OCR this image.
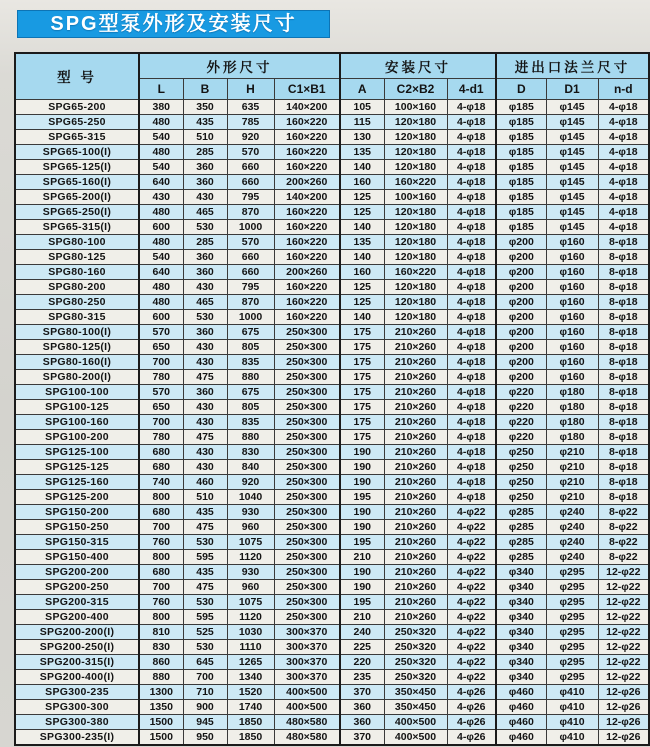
SPG型泵外形及安装尺寸
型 号	外形尺寸				安装尺寸			进出口法兰尺寸		
	L	B	H	C1×B1	A	C2×B2	4-d1	D	D1	n-d
SPG65-200	380	350	635	140×200	105	100×160	4-φ18	φ185	φ145	4-φ18
SPG65-250	480	435	785	160×220	115	120×180	4-φ18	φ185	φ145	4-φ18
SPG65-315	540	510	920	160×220	130	120×180	4-φ18	φ185	φ145	4-φ18
SPG65-100(I)	480	285	570	160×220	135	120×180	4-φ18	φ185	φ145	4-φ18
SPG65-125(I)	540	360	660	160×220	140	120×180	4-φ18	φ185	φ145	4-φ18
SPG65-160(I)	640	360	660	200×260	160	160×220	4-φ18	φ185	φ145	4-φ18
SPG65-200(I)	430	430	795	140×200	125	100×160	4-φ18	φ185	φ145	4-φ18
SPG65-250(I)	480	465	870	160×220	125	120×180	4-φ18	φ185	φ145	4-φ18
SPG65-315(I)	600	530	1000	160×220	140	120×180	4-φ18	φ185	φ145	4-φ18
SPG80-100	480	285	570	160×220	135	120×180	4-φ18	φ200	φ160	8-φ18
SPG80-125	540	360	660	160×220	140	120×180	4-φ18	φ200	φ160	8-φ18
SPG80-160	640	360	660	200×260	160	160×220	4-φ18	φ200	φ160	8-φ18
SPG80-200	480	430	795	160×220	125	120×180	4-φ18	φ200	φ160	8-φ18
SPG80-250	480	465	870	160×220	125	120×180	4-φ18	φ200	φ160	8-φ18
SPG80-315	600	530	1000	160×220	140	120×180	4-φ18	φ200	φ160	8-φ18
SPG80-100(I)	570	360	675	250×300	175	210×260	4-φ18	φ200	φ160	8-φ18
SPG80-125(I)	650	430	805	250×300	175	210×260	4-φ18	φ200	φ160	8-φ18
SPG80-160(I)	700	430	835	250×300	175	210×260	4-φ18	φ200	φ160	8-φ18
SPG80-200(I)	780	475	880	250×300	175	210×260	4-φ18	φ200	φ160	8-φ18
SPG100-100	570	360	675	250×300	175	210×260	4-φ18	φ220	φ180	8-φ18
SPG100-125	650	430	805	250×300	175	210×260	4-φ18	φ220	φ180	8-φ18
SPG100-160	700	430	835	250×300	175	210×260	4-φ18	φ220	φ180	8-φ18
SPG100-200	780	475	880	250×300	175	210×260	4-φ18	φ220	φ180	8-φ18
SPG125-100	680	430	830	250×300	190	210×260	4-φ18	φ250	φ210	8-φ18
SPG125-125	680	430	840	250×300	190	210×260	4-φ18	φ250	φ210	8-φ18
SPG125-160	740	460	920	250×300	190	210×260	4-φ18	φ250	φ210	8-φ18
SPG125-200	800	510	1040	250×300	195	210×260	4-φ18	φ250	φ210	8-φ18
SPG150-200	680	435	930	250×300	190	210×260	4-φ22	φ285	φ240	8-φ22
SPG150-250	700	475	960	250×300	190	210×260	4-φ22	φ285	φ240	8-φ22
SPG150-315	760	530	1075	250×300	195	210×260	4-φ22	φ285	φ240	8-φ22
SPG150-400	800	595	1120	250×300	210	210×260	4-φ22	φ285	φ240	8-φ22
SPG200-200	680	435	930	250×300	190	210×260	4-φ22	φ340	φ295	12-φ22
SPG200-250	700	475	960	250×300	190	210×260	4-φ22	φ340	φ295	12-φ22
SPG200-315	760	530	1075	250×300	195	210×260	4-φ22	φ340	φ295	12-φ22
SPG200-400	800	595	1120	250×300	210	210×260	4-φ22	φ340	φ295	12-φ22
SPG200-200(I)	810	525	1030	300×370	240	250×320	4-φ22	φ340	φ295	12-φ22
SPG200-250(I)	830	530	1110	300×370	225	250×320	4-φ22	φ340	φ295	12-φ22
SPG200-315(I)	860	645	1265	300×370	220	250×320	4-φ22	φ340	φ295	12-φ22
SPG200-400(I)	880	700	1340	300×370	235	250×320	4-φ22	φ340	φ295	12-φ22
SPG300-235	1300	710	1520	400×500	370	350×450	4-φ26	φ460	φ410	12-φ26
SPG300-300	1350	900	1740	400×500	360	350×450	4-φ26	φ460	φ410	12-φ26
SPG300-380	1500	945	1850	480×580	360	400×500	4-φ26	φ460	φ410	12-φ26
SPG300-235(I)	1500	950	1850	480×580	370	400×500	4-φ26	φ460	φ410	12-φ26
